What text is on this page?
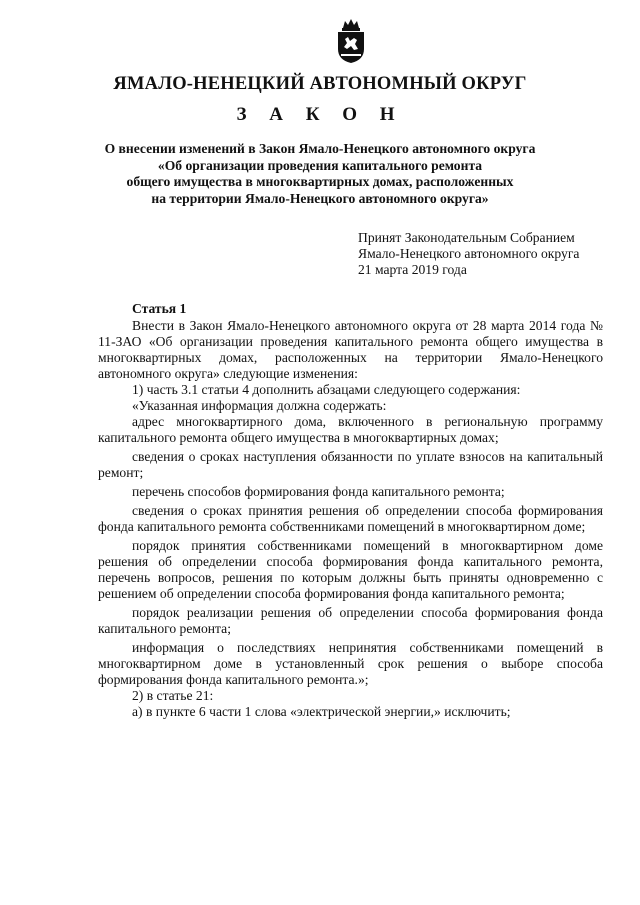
ЯМАЛО-НЕНЕЦКИЙ АВТОНОМНЫЙ ОКРУГ
З А К О Н
О внесении изменений в Закон Ямало-Ненецкого автономного округа
«Об организации проведения капитального ремонта
общего имущества в многоквартирных домах, расположенных
на территории Ямало-Ненецкого автономного округа»
Принят Законодательным Собранием
Ямало-Ненецкого автономного округа
21 марта 2019 года
Статья 1
Внести в Закон Ямало-Ненецкого автономного округа от 28 марта 2014 года № 11-ЗАО «Об организации проведения капитального ремонта общего имущества в многоквартирных домах, расположенных на территории Ямало-Ненецкого автономного округа» следующие изменения:
1) часть 3.1 статьи 4 дополнить абзацами следующего содержания:
«Указанная информация должна содержать:
адрес многоквартирного дома, включенного в региональную программу капитального ремонта общего имущества в многоквартирных домах;
сведения о сроках наступления обязанности по уплате взносов на капитальный ремонт;
перечень способов формирования фонда капитального ремонта;
сведения о сроках принятия решения об определении способа формирования фонда капитального ремонта собственниками помещений в многоквартирном доме;
порядок принятия собственниками помещений в многоквартирном доме решения об определении способа формирования фонда капитального ремонта, перечень вопросов, решения по которым должны быть приняты одновременно с решением об определении способа формирования фонда капитального ремонта;
порядок реализации решения об определении способа формирования фонда капитального ремонта;
информация о последствиях непринятия собственниками помещений в многоквартирном доме в установленный срок решения о выборе способа формирования фонда капитального ремонта.»;
2) в статье 21:
а) в пункте 6 части 1 слова «электрической энергии,» исключить;
